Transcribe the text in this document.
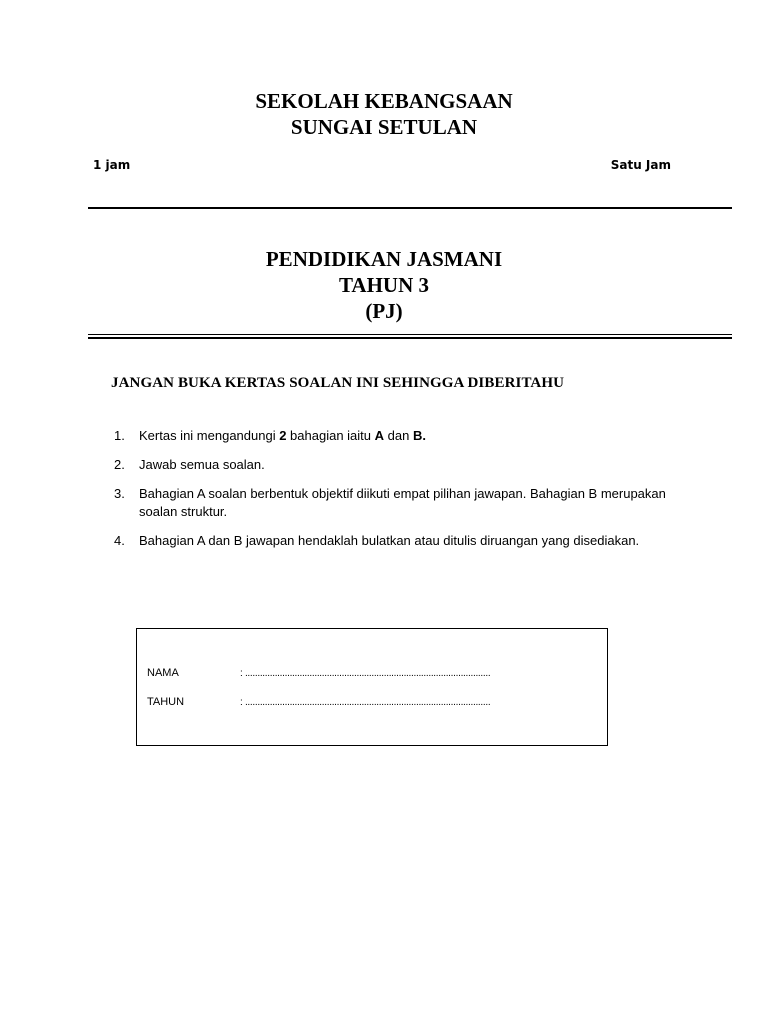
SEKOLAH KEBANGSAAN
SUNGAI SETULAN
1 jam	Satu Jam
PENDIDIKAN JASMANI
TAHUN 3
(PJ)
JANGAN BUKA KERTAS SOALAN INI SEHINGGA DIBERITAHU
1. Kertas ini mengandungi 2 bahagian iaitu A dan B.
2. Jawab semua soalan.
3. Bahagian A soalan berbentuk objektif diikuti empat pilihan jawapan. Bahagian B merupakan soalan struktur.
4. Bahagian A dan B jawapan hendaklah bulatkan atau ditulis diruangan yang disediakan.
NAMA	: ...................................................................................................
TAHUN	: ...................................................................................................
